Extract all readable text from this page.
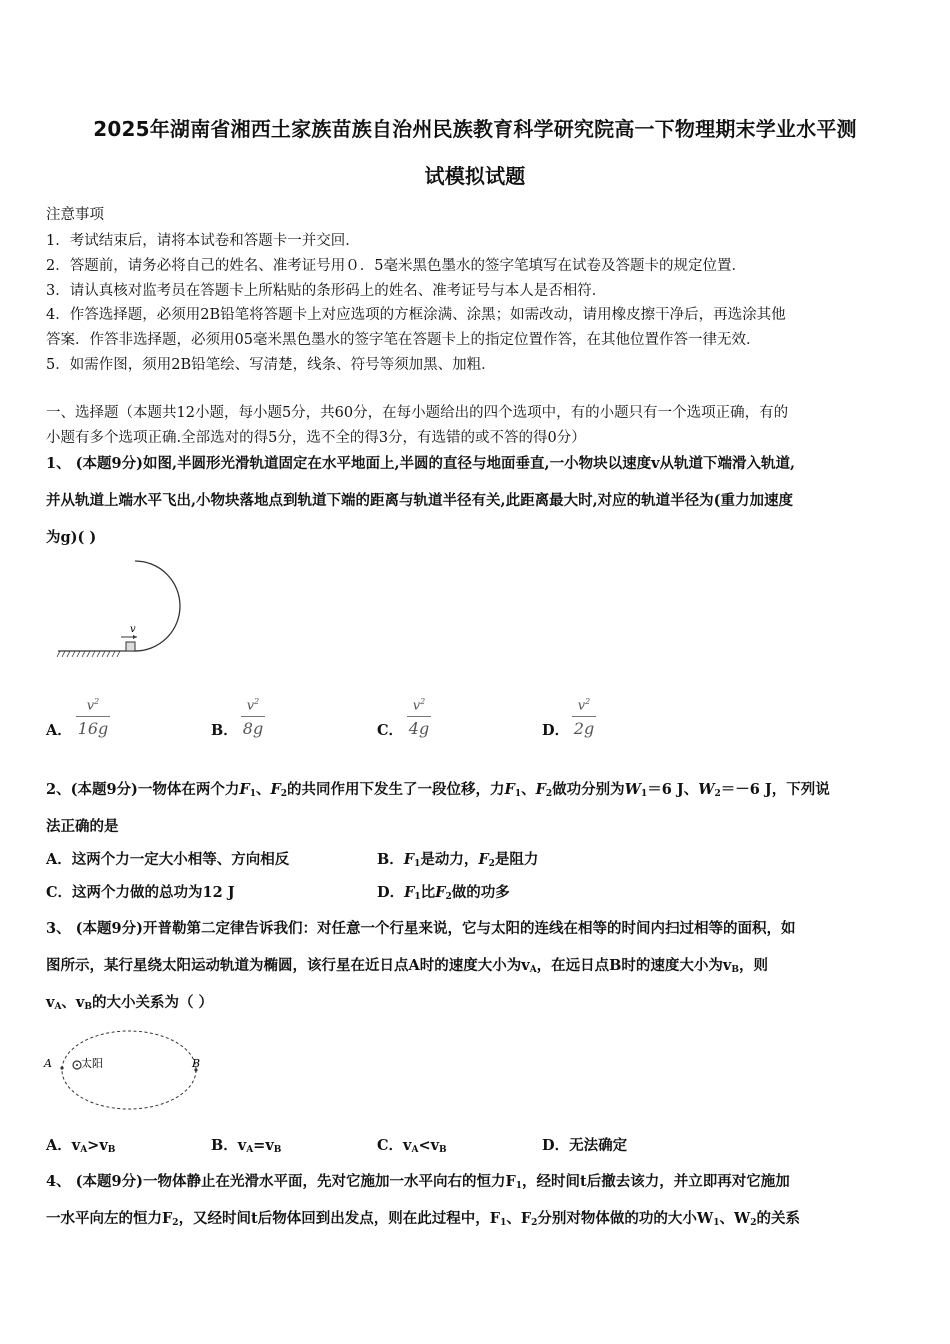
2025年湖南省湘西土家族苗族自治州民族教育科学研究院高一下物理期末学业水平测
试模拟试题
注意事项
1．考试结束后，请将本试卷和答题卡一并交回．
2．答题前，请务必将自己的姓名、准考证号用０．5毫米黑色墨水的签字笔填写在试卷及答题卡的规定位置．
3．请认真核对监考员在答题卡上所粘贴的条形码上的姓名、准考证号与本人是否相符．
4．作答选择题，必须用2B铅笔将答题卡上对应选项的方框涂满、涂黑；如需改动，请用橡皮擦干净后，再选涂其他
答案．作答非选择题，必须用05毫米黑色墨水的签字笔在答题卡上的指定位置作答，在其他位置作答一律无效．
5．如需作图，须用2B铅笔绘、写清楚，线条、符号等须加黑、加粗．
一、选择题（本题共12小题，每小题5分，共60分，在每小题给出的四个选项中，有的小题只有一个选项正确，有的
小题有多个选项正确.全部选对的得5分，选不全的得3分，有选错的或不答的得0分）
1、 (本题9分)如图,半圆形光滑轨道固定在水平地面上,半圆的直径与地面垂直,一小物块以速度v从轨道下端滑入轨道,
并从轨道上端水平飞出,小物块落地点到轨道下端的距离与轨道半径有关,此距离最大时,对应的轨道半径为(重力加速度
为g)( )
v
A．
$v^2$
16g	B．
$v^2$
8g	C．
$v^2$
4g	D．
$v^2$
2g
2、(本题9分)一物体在两个力$F_1$、$F_2$的共同作用下发生了一段位移，力$F_1$、$F_2$做功分别为$W_1=6$ J、$W_2=-6$ J，下列说
法正确的是
A．这两个力一定大小相等、方向相反	B．$F_1$是动力，$F_2$是阻力
C．这两个力做的总功为12 J	D．$F_1$比$F_2$做的功多
3、 (本题9分)开普勒第二定律告诉我们：对任意一个行星来说，它与太阳的连线在相等的时间内扫过相等的面积，如
图所示，某行星绕太阳运动轨道为椭圆，该行星在近日点A时的速度大小为$v_A$，在远日点B时的速度大小为$v_B$，则
$v_A$、$v_B$的大小关系为（ ）
A	B
太阳
A．$v_A>v_B$	B．$v_A=v_B$	C．$v_A<v_B$	D．无法确定
4、 (本题9分)一物体静止在光滑水平面，先对它施加一水平向右的恒力$F_1$，经时间t后撤去该力，并立即再对它施加
一水平向左的恒力$F_2$，又经时间t后物体回到出发点，则在此过程中，$F_1$、$F_2$分别对物体做的功的大小$W_1$、$W_2$的关系
